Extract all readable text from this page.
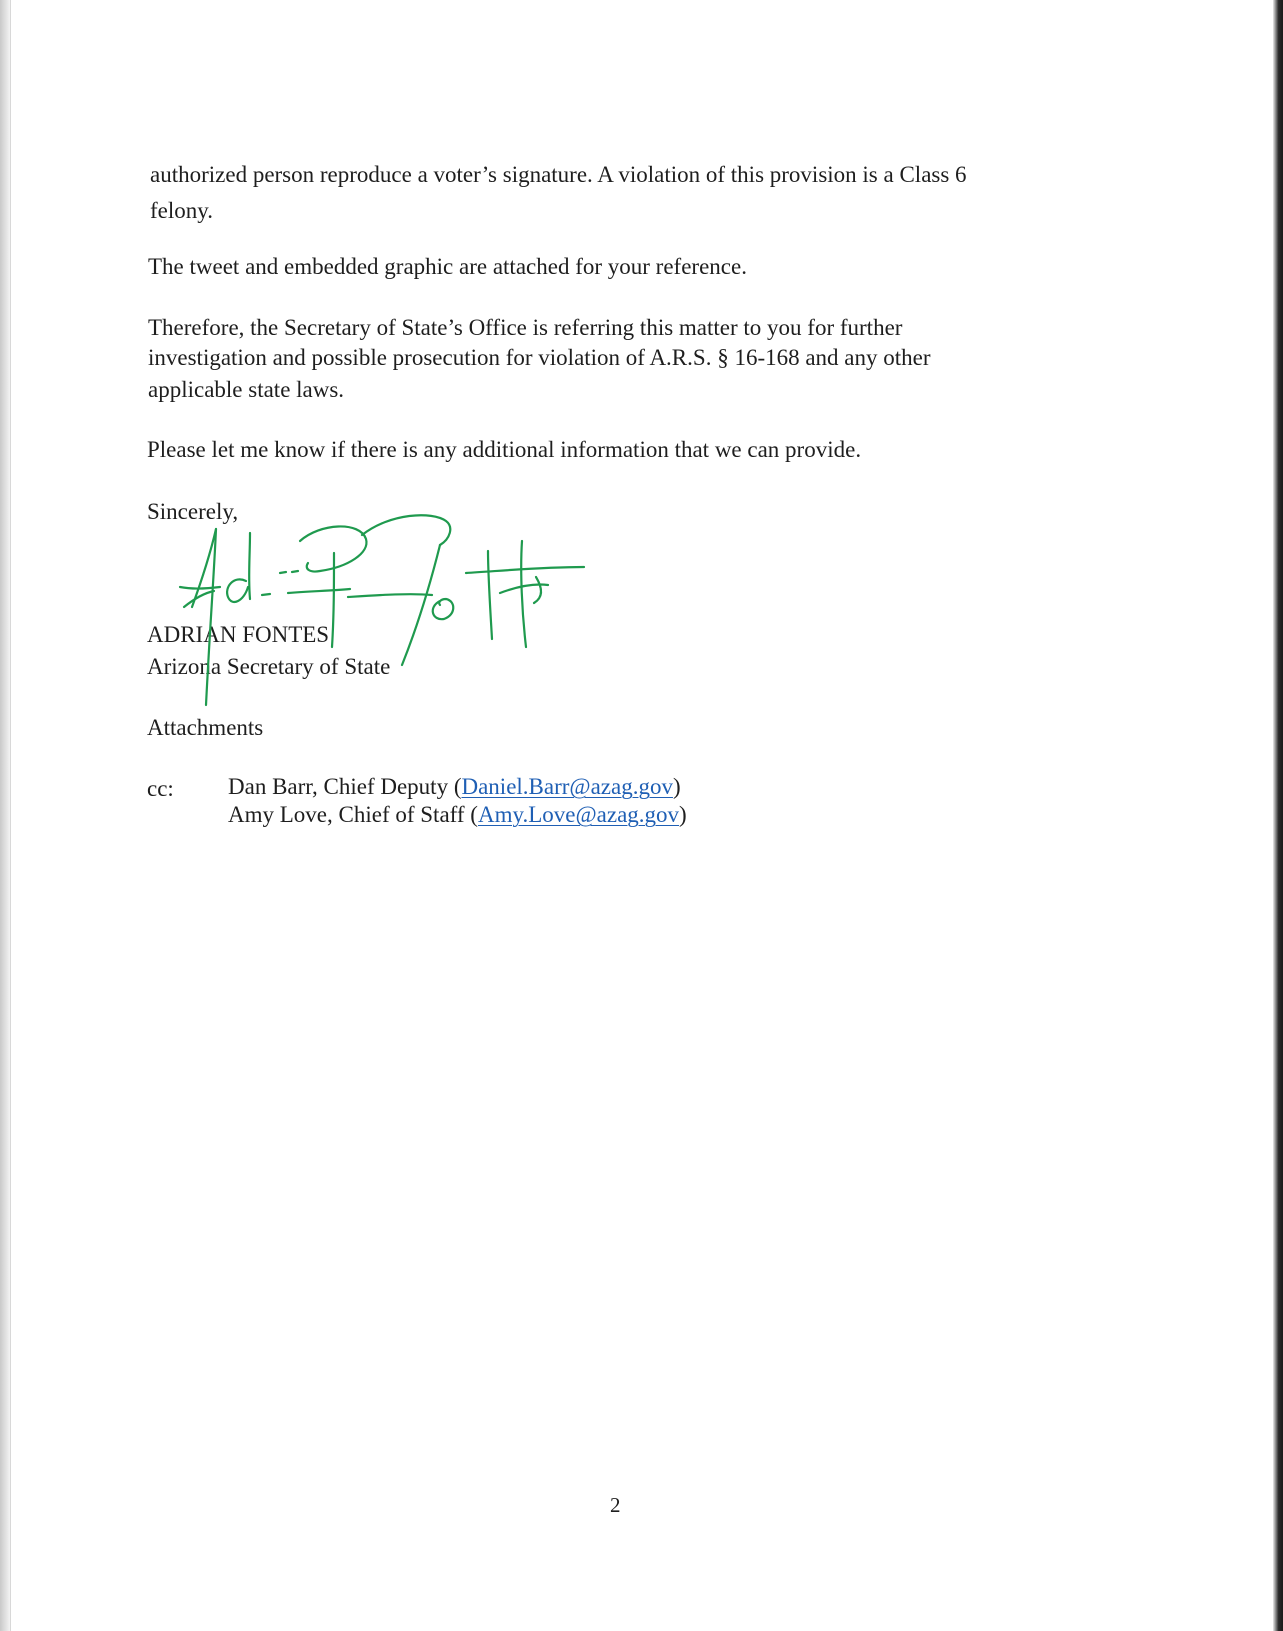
authorized person reproduce a voter’s signature. A violation of this provision is a Class 6
felony.
The tweet and embedded graphic are attached for your reference.
Therefore, the Secretary of State’s Office is referring this matter to you for further
investigation and possible prosecution for violation of A.R.S. § 16-168 and any other
applicable state laws.
Please let me know if there is any additional information that we can provide.
Sincerely,
ADRIAN FONTES
Arizona Secretary of State
Attachments
cc: Dan Barr, Chief Deputy (Daniel.Barr@azag.gov)
Amy Love, Chief of Staff (Amy.Love@azag.gov)
2
